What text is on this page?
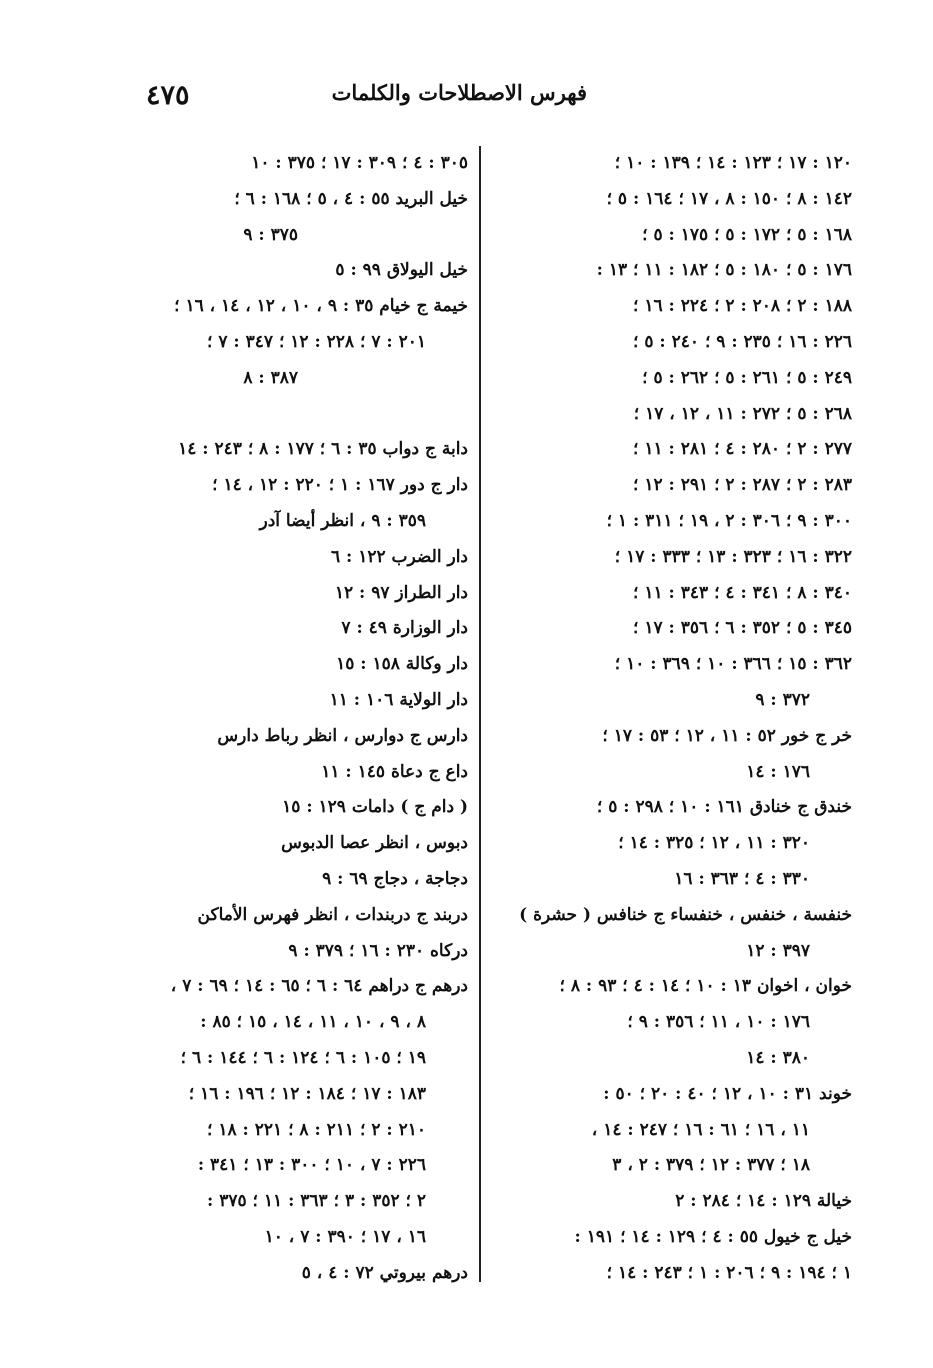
٤٧٥	فهرس الاصطلاحات والكلمات
١٢٠ : ١٧ ؛ ١٢٣ : ١٤ ؛ ١٣٩ : ١٠ ؛
١٤٢ : ٨ ؛ ١٥٠ : ٨ ، ١٧ ؛ ١٦٤ : ٥ ؛
١٦٨ : ٥ ؛ ١٧٢ : ٥ ؛ ١٧٥ : ٥ ؛
١٧٦ : ٥ ؛ ١٨٠ : ٥ ؛ ١٨٢ : ١١ ؛ ١٣ :
١٨٨ : ٢ ؛ ٢٠٨ : ٢ ؛ ٢٢٤ : ١٦ ؛
٢٢٦ : ١٦ ؛ ٢٣٥ : ٩ ؛ ٢٤٠ : ٥ ؛
٢٤٩ : ٥ ؛ ٢٦١ : ٥ ؛ ٢٦٢ : ٥ ؛
٢٦٨ : ٥ ؛ ٢٧٢ : ١١ ، ١٢ ، ١٧ ؛
٢٧٧ : ٢ ؛ ٢٨٠ : ٤ ؛ ٢٨١ : ١١ ؛
٢٨٣ : ٢ ؛ ٢٨٧ : ٢ ؛ ٢٩١ : ١٢ ؛
٣٠٠ : ٩ ؛ ٣٠٦ : ٢ ، ١٩ ؛ ٣١١ : ١ ؛
٣٢٢ : ١٦ ؛ ٣٢٣ : ١٣ ؛ ٣٣٣ : ١٧ ؛
٣٤٠ : ٨ ؛ ٣٤١ : ٤ ؛ ٣٤٣ : ١١ ؛
٣٤٥ : ٥ ؛ ٣٥٢ : ٦ ؛ ٣٥٦ : ١٧ ؛
٣٦٢ : ١٥ ؛ ٣٦٦ : ١٠ ؛ ٣٦٩ : ١٠ ؛
٣٧٢ : ٩
خر ج خور ٥٢ : ١١ ، ١٢ ؛ ٥٣ : ١٧ ؛
١٧٦ : ١٤
خندق ج خنادق ١٦١ : ١٠ ؛ ٢٩٨ : ٥ ؛
٣٢٠ : ١١ ، ١٢ ؛ ٣٢٥ : ١٤ ؛
٣٣٠ : ٤ ؛ ٣٦٣ : ١٦
خنفسة ، خنفس ، خنفساء ج خنافس ( حشرة )
٣٩٧ : ١٢
خوان ، اخوان ١٣ : ١٠ ؛ ١٤ : ٤ ؛ ٩٣ : ٨ ؛
١٧٦ : ١٠ ، ١١ ؛ ٣٥٦ : ٩ ؛
٣٨٠ : ١٤
خوند ٣١ : ١٠ ، ١٢ ؛ ٤٠ : ٢٠ ؛ ٥٠ :
١١ ، ١٦ ؛ ٦١ : ١٦ ؛ ٢٤٧ : ١٤ ،
١٨ ؛ ٣٧٧ : ١٢ ؛ ٣٧٩ : ٢ ، ٣
خيالة ١٢٩ : ١٤ ؛ ٢٨٤ : ٢
خيل ج خيول ٥٥ : ٤ ؛ ١٢٩ : ١٤ ؛ ١٩١ :
١ ؛ ١٩٤ : ٩ ؛ ٢٠٦ : ١ ؛ ٢٤٣ : ١٤ ؛
٣٠٥ : ٤ ؛ ٣٠٩ : ١٧ ؛ ٣٧٥ : ١٠
خيل البريد ٥٥ : ٤ ، ٥ ؛ ١٦٨ : ٦ ؛
٣٧٥ : ٩
خيل اليولاق ٩٩ : ٥
خيمة ج خيام ٣٥ : ٩ ، ١٠ ، ١٢ ، ١٤ ، ١٦ ؛
٢٠١ : ٧ ؛ ٢٢٨ : ١٢ ؛ ٣٤٧ : ٧ ؛
٣٨٧ : ٨
دابة ج دواب ٣٥ : ٦ ؛ ١٧٧ : ٨ ؛ ٢٤٣ : ١٤
دار ج دور ١٦٧ : ١ ؛ ٢٢٠ : ١٢ ، ١٤ ؛
٣٥٩ : ٩ ، انظر أيضا آدر
دار الضرب ١٢٢ : ٦
دار الطراز ٩٧ : ١٢
دار الوزارة ٤٩ : ٧
دار وكالة ١٥٨ : ١٥
دار الولاية ١٠٦ : ١١
دارس ج دوارس ، انظر رباط دارس
داع ج دعاة ١٤٥ : ١١
( دام ج ) دامات ١٢٩ : ١٥
دبوس ، انظر عصا الدبوس
دجاجة ، دجاج ٦٩ : ٩
دربند ج دربندات ، انظر فهرس الأماكن
دركاه ٢٣٠ : ١٦ ؛ ٣٧٩ : ٩
درهم ج دراهم ٦٤ : ٦ ؛ ٦٥ : ١٤ ؛ ٦٩ : ٧ ،
٨ ، ٩ ، ١٠ ، ١١ ، ١٤ ، ١٥ ؛ ٨٥ :
١٩ ؛ ١٠٥ : ٦ ؛ ١٢٤ : ٦ ؛ ١٤٤ : ٦ ؛
١٨٣ : ١٧ ؛ ١٨٤ : ١٢ ؛ ١٩٦ : ١٦ ؛
٢١٠ : ٢ ؛ ٢١١ : ٨ ؛ ٢٢١ : ١٨ ؛
٢٢٦ : ٧ ، ١٠ ؛ ٣٠٠ : ١٣ ؛ ٣٤١ :
٢ ؛ ٣٥٢ : ٣ ؛ ٣٦٣ : ١١ ؛ ٣٧٥ :
١٦ ، ١٧ ؛ ٣٩٠ : ٧ ، ١٠
درهم بيروتي ٧٢ : ٤ ، ٥
